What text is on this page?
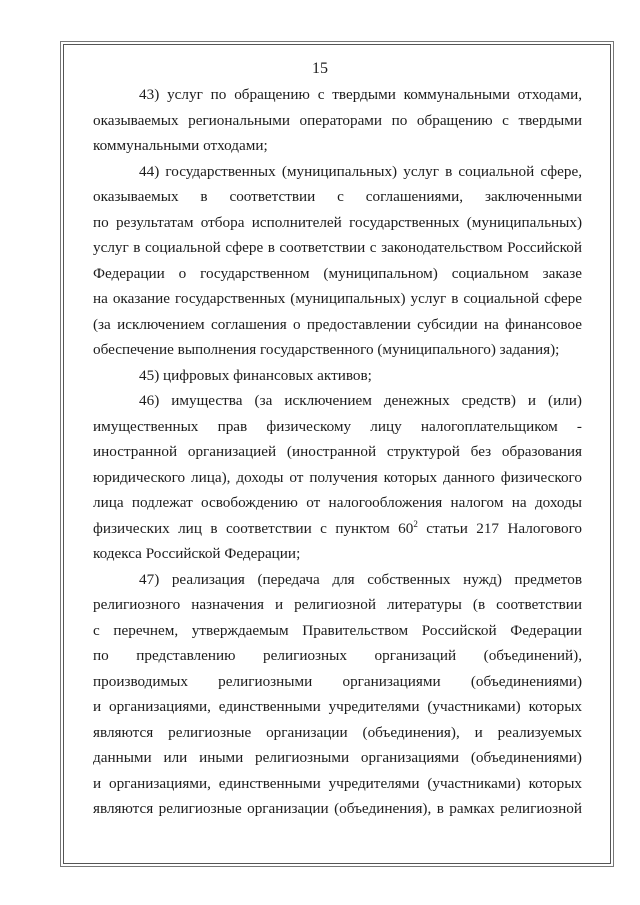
15
43) услуг по обращению с твердыми коммунальными отходами,
оказываемых региональными операторами по обращению с твердыми
коммунальными отходами;
44) государственных (муниципальных) услуг в социальной сфере,
оказываемых в соответствии с соглашениями, заключенными
по результатам отбора исполнителей государственных (муниципальных)
услуг в социальной сфере в соответствии с законодательством Российской
Федерации о государственном (муниципальном) социальном заказе
на оказание государственных (муниципальных) услуг в социальной сфере
(за исключением соглашения о предоставлении субсидии на финансовое
обеспечение выполнения государственного (муниципального) задания);
45) цифровых финансовых активов;
46) имущества (за исключением денежных средств) и (или)
имущественных прав физическому лицу налогоплательщиком -
иностранной организацией (иностранной структурой без образования
юридического лица), доходы от получения которых данного физического
лица подлежат освобождению от налогообложения налогом на доходы
физических лиц в соответствии с пунктом $60^2$ статьи 217 Налогового
кодекса Российской Федерации;
47) реализация (передача для собственных нужд) предметов
религиозного назначения и религиозной литературы (в соответствии
с перечнем, утверждаемым Правительством Российской Федерации
по представлению религиозных организаций (объединений),
производимых религиозными организациями (объединениями)
и организациями, единственными учредителями (участниками) которых
являются религиозные организации (объединения), и реализуемых
данными или иными религиозными организациями (объединениями)
и организациями, единственными учредителями (участниками) которых
являются религиозные организации (объединения), в рамках религиозной
